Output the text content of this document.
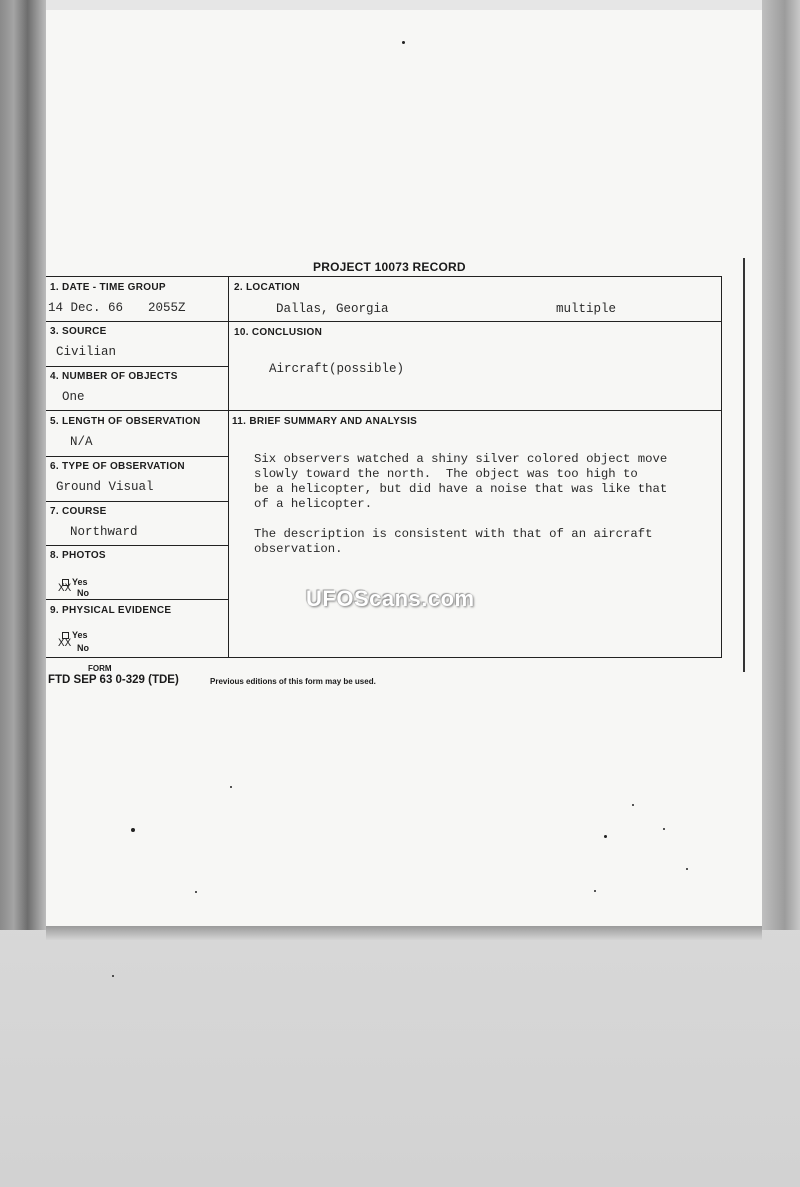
PROJECT 10073 RECORD
1. DATE - TIME GROUP
14 Dec. 66 2055Z
2. LOCATION
Dallas, Georgia	multiple
3. SOURCE
Civilian
10. CONCLUSION
Aircraft(possible)
4. NUMBER OF OBJECTS
One
5. LENGTH OF OBSERVATION
N/A
11. BRIEF SUMMARY AND ANALYSIS
Six observers watched a shiny silver colored object move
slowly toward the north.  The object was too high to
be a helicopter, but did have a noise that was like that
of a helicopter.
The description is consistent with that of an aircraft
observation.
6. TYPE OF OBSERVATION
Ground Visual
7. COURSE
Northward
8. PHOTOS
Yes
XX No
9. PHYSICAL EVIDENCE
Yes
XX No
FORM
FTD SEP 63 0-329 (TDE)	Previous editions of this form may be used.
UFOScans.com
